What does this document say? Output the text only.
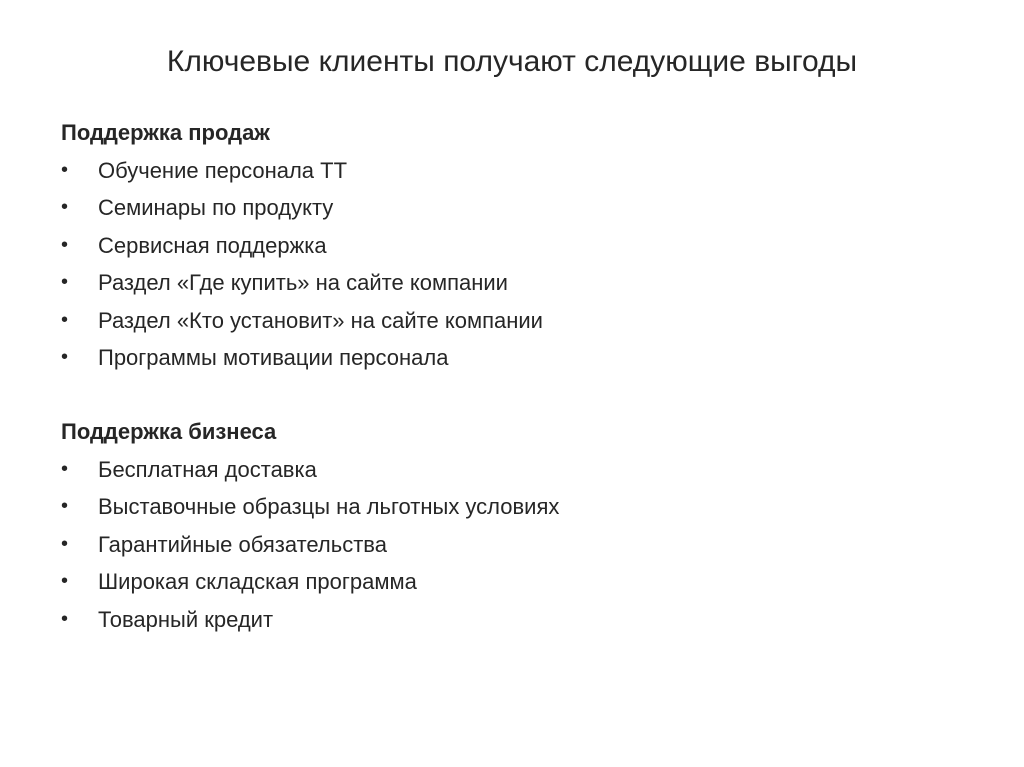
Ключевые клиенты получают следующие выгоды
Поддержка продаж
• Обучение персонала ТТ
• Семинары по продукту
• Сервисная поддержка
• Раздел «Где купить» на сайте компании
• Раздел «Кто установит» на сайте компании
• Программы мотивации персонала
Поддержка бизнеса
• Бесплатная доставка
• Выставочные образцы на льготных условиях
• Гарантийные обязательства
• Широкая складская программа
• Товарный кредит
